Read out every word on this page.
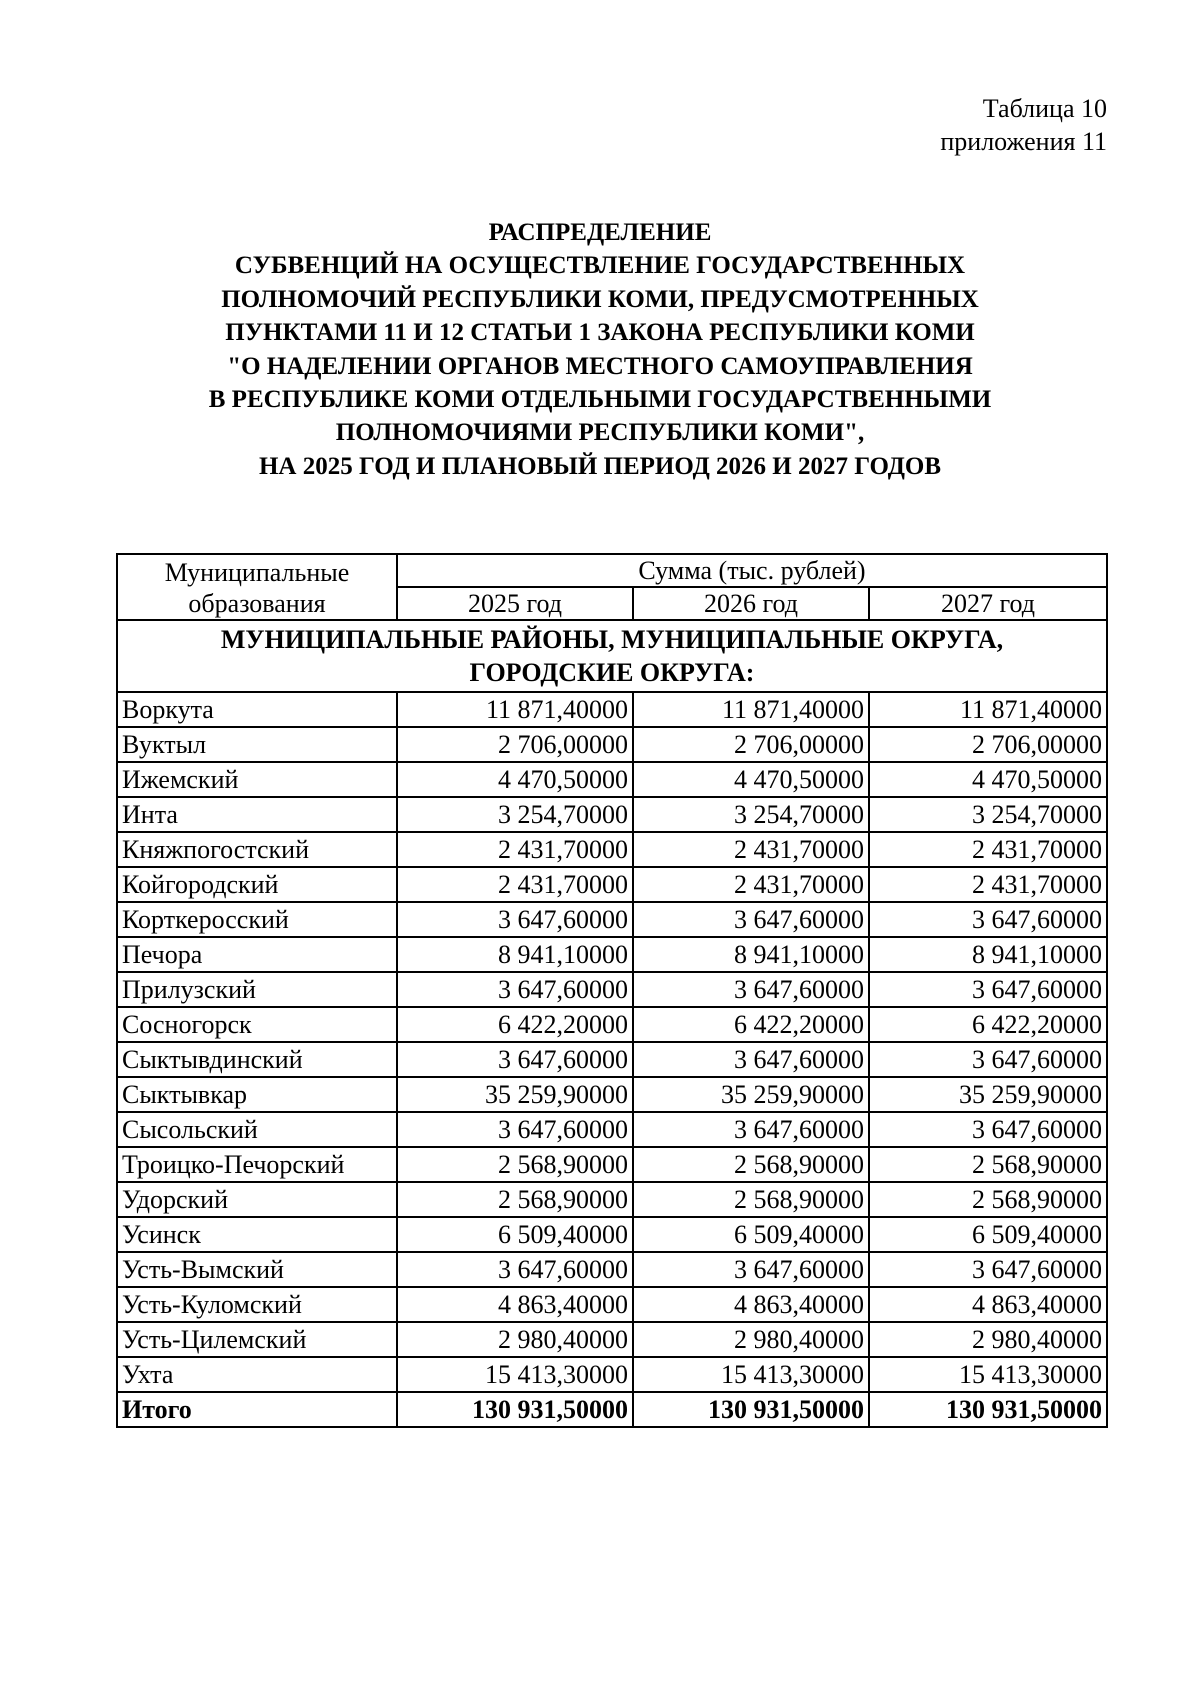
Таблица 10
приложения 11
РАСПРЕДЕЛЕНИЕ
СУБВЕНЦИЙ НА ОСУЩЕСТВЛЕНИЕ ГОСУДАРСТВЕННЫХ
ПОЛНОМОЧИЙ РЕСПУБЛИКИ КОМИ, ПРЕДУСМОТРЕННЫХ
ПУНКТАМИ 11 И 12 СТАТЬИ 1 ЗАКОНА РЕСПУБЛИКИ КОМИ
"О НАДЕЛЕНИИ ОРГАНОВ МЕСТНОГО САМОУПРАВЛЕНИЯ
В РЕСПУБЛИКЕ КОМИ ОТДЕЛЬНЫМИ ГОСУДАРСТВЕННЫМИ
ПОЛНОМОЧИЯМИ РЕСПУБЛИКИ КОМИ",
НА 2025 ГОД И ПЛАНОВЫЙ ПЕРИОД 2026 И 2027 ГОДОВ
Муниципальные
образования	Сумма (тыс. рублей)		
	2025 год	2026 год	2027 год

МУНИЦИПАЛЬНЫЕ РАЙОНЫ, МУНИЦИПАЛЬНЫЕ ОКРУГА,
ГОРОДСКИЕ ОКРУГА:			

Воркута	11 871,40000	11 871,40000	11 871,40000
Вуктыл	2 706,00000	2 706,00000	2 706,00000
Ижемский	4 470,50000	4 470,50000	4 470,50000
Инта	3 254,70000	3 254,70000	3 254,70000
Княжпогостский	2 431,70000	2 431,70000	2 431,70000
Койгородский	2 431,70000	2 431,70000	2 431,70000
Корткеросский	3 647,60000	3 647,60000	3 647,60000
Печора	8 941,10000	8 941,10000	8 941,10000
Прилузский	3 647,60000	3 647,60000	3 647,60000
Сосногорск	6 422,20000	6 422,20000	6 422,20000
Сыктывдинский	3 647,60000	3 647,60000	3 647,60000
Сыктывкар	35 259,90000	35 259,90000	35 259,90000
Сысольский	3 647,60000	3 647,60000	3 647,60000
Троицко-Печорский	2 568,90000	2 568,90000	2 568,90000
Удорский	2 568,90000	2 568,90000	2 568,90000
Усинск	6 509,40000	6 509,40000	6 509,40000
Усть-Вымский	3 647,60000	3 647,60000	3 647,60000
Усть-Куломский	4 863,40000	4 863,40000	4 863,40000
Усть-Цилемский	2 980,40000	2 980,40000	2 980,40000
Ухта	15 413,30000	15 413,30000	15 413,30000
Итого	130 931,50000	130 931,50000	130 931,50000
